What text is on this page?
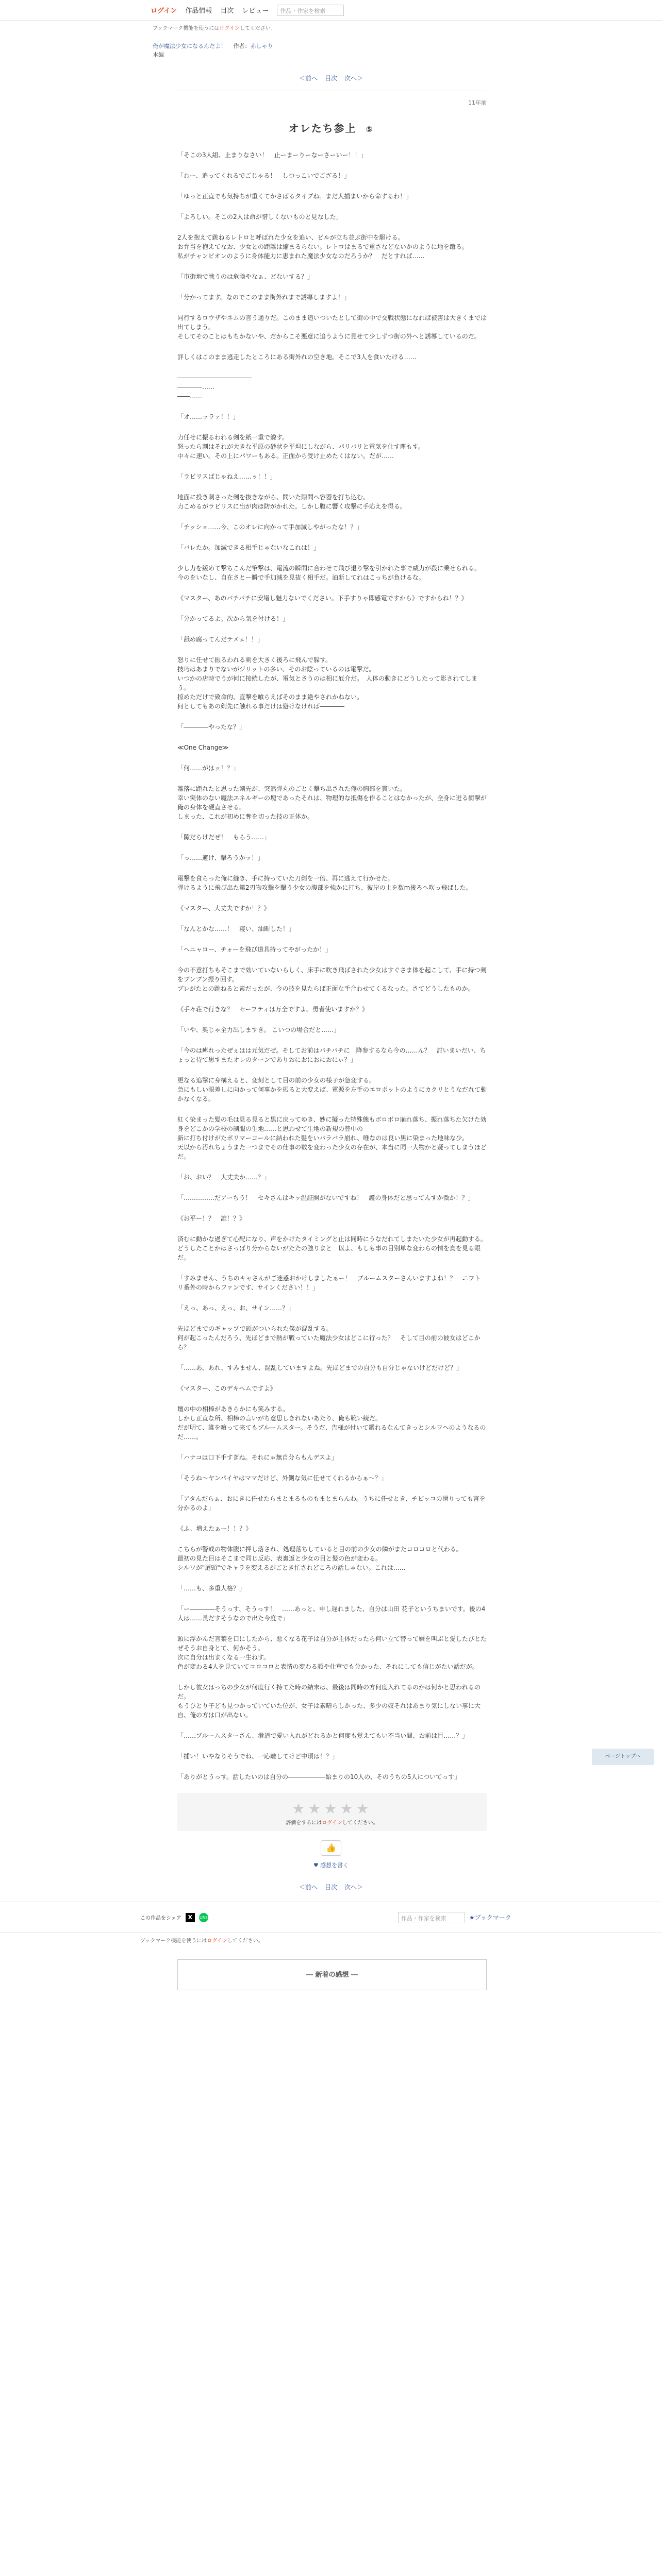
ログイン 作品情報 目次 レビュー	作品・作家を検索
ブックマーク機能を使うにはログインしてください。
俺が魔法少女になるんだよ！ 作者：赤しゃり
本編
＜前へ 目次 次へ＞
11年前
オレたち参上 ⑤

「そこの3人組、止まりなさい！　止ーまーりーなーさーいー！！」

「わー、追ってくれるでごじゃる！　しつっこいでござる！」

「ゆっと正直でも気持ちが重くてかさばるタイプね。まだ人捕まいから命するわ！」

「よろしい。そこの2人は命が惜しくないものと見なした」

2人を抱えて跳ねるレトロと呼ばれた少女を追い、ビルが立ち並ぶ街中を駆ける。
お弁当を抱えてなお、少女との距離は縮まるらない。レトロはまるで重さなどないかのように地を蹴る。
私がチャンピオンのように身体能力に恵まれた魔法少女なのだろうか？　だとすれば……

「市街地で戦うのは危険やなぁ、どないする？」

「分かってます。なのでこのまま街外れまで誘導しますよ！」

同行するロウザやネムの言う通りだ。このまま追いついたとして街の中で交戦状態になれば被害は大きくまでは出てしまう。
そしてそのことはもちかないや、だからこそ悪意に追うように見せて少しずつ街の外へと誘導しているのだ。

詳しくはこのまま逃走したところにある街外れの空き地。そこで3人を食いたける……

――――――――――――
――――……
――……

「オ……ッラァ！！」

力任せに振るわれる剣を紙一重で躱す。
怒ったら割はそれが大きな平原の砂状を平坦にしながら、パリパリと電気を仕す塵もす。
中々に速い。その上にパワーもある。正面から受け止めたくはない。だが……

「ラビリスばじゃねえ……ッ！！」

地面に投き刺さった剣を抜きながら、間いた隙間へ容器を打ち込む。
力こめるがラビリスに出が肉ほ防がかれた。しかし腹に響く攻撃に手応えを得る。

「チッショ……今、このオレに向かって手加減しやがったな！？」

「バレたか。加減できる相手じゃないなこれは！」

少し力を緩めて撃ちこんだ筆撃は、電流の瞬間に合わせて飛び退り撃を引かれた事で威力が殺に乗せられる。
今のをいなし、自在さとー瞬で手加減を見抜く相手だ。油断してれはこっちが負けるな。

《マスター、あのバチバチに安堵し魅力ないでください。下手すりゃ即感電ですから》ですからね！？》

「分かってるよ。次から気を付ける！」

「舐め腐ってんだテメェ！！」

怒りに任せて振るわれる剣を大きく後ろに飛んで躱す。
技巧はあまりでないがジリットの多い、そのお陰っているのは電撃だ。
いつかの店時でうが何に接続したが、電気とさうのは相に厄介だ。　人体の動きにどうしたって影されてしまう。
掠めただけで致命的、直撃を喰らえばそのまま絶やされかねない。
何としてもあの剣先に触れる事だけは避けなければ――――

「――――やったな？」

≪One Change≫

「何……がはッ！？」

離落に距れたと思った剣先が、突然弾丸のごとく撃ち出された俺の胸部を貫いた。
幸い突体のない魔法エネルギーの塊であったそれは、物理的な抵傷を作ることはなかったが、全身に迸る衝撃が俺の身体を硬直させる。
しまった、これが初めに奪を切った技の正体か。

「隙だらけだぜ！　もらう……」

「っ……避け、撃ろうかッ！」

電撃を食らった俺に縫き、手に持っていた刀剣を一倍、再に逃えて行かせた。
弾けるように飛び出た第2刃物攻撃を撃う少女の腹部を強かに打ち、彼岸の上を数m後ろへ吹っ飛ばした。

《マスター、大丈夫ですか！？》

「なんとかな……！　寝い、油断した！」

「ヘニャロー、チォーを飛び道具持ってやがったか！」

今の不意打ちもそこまで効いていないらしく、床手に吹き飛ばされた少女はすぐさま体を起こして、手に持つ剣をブンブン振り回す。
ブレがたとの跳ねると素だったが、今の技を見たらば正面な手合わせてくるなった。さてどうしたものか。

《手々荘で行きな？　セーフティは万全ですよ。勇者使いますか？》

「いや、奥じゃ全力出しますき。 こいつの場合だと……」

「今のは痺れったぜぇはは元気だぜ。そしてお前はバチバチに　降参するなら今の……ん？　討いまいだい、ちょっと待て思すまたオレのターンでありおにおにおにおにぃ？」

更なる追撃に身構えると、変刻として目の前の少女の様子が急変する。
急にもしい眼差しに向かって何事かを振ると大変えば、電源を左手のエロポットのようにカクリとうなだれて動かなくなる。

紅く染まった髪の毛は見る見ると黒に戻ってゆき、妙に擬った特殊態もボロボロ崩れ落ち、振れ落ちた欠けた効身をどこかの学校の制服の生地……と思わせて生地の新規の普中の
新に打ち付けがたポリマーコールに結われた髪をいバラバラ崩れ、唯なのは良い黒に染まった地味な少。
天以から汚れちょうまた一つまでその仕事の数を変わった少女の存在が、本当に同一人物かと疑ってしまうほどだ。

「お、おい？　大丈夫か……？」

「……………だアーちう！　セキさんはキッ温証開がないですね！　護の身体だと思ってんすか微か！？」

《お平ー！？　誰！？》

済むに動かな過ぎて心配になり、声をかけたタイミングと止は同時にうなだれてしまたいた少女が再起動する。
どうしたことかはさっぱり分からないがたたの強りまと　以よ、もしも事の目別単な変わらの情を鳥を見る眼だ。

「すみません、うちのキャさんがご迷惑おかけしましたぁー！　ブルームスターさんいますよね！？　ニワトリ番外の時からファンです、サインください！！」

「えっ、あっ、えっ、お、サイン……？」

先ほどまでのギャップで頭がついられた僕が混乱する。
何が起こったんだろう、先ほどまで熱が戦っていた魔法少女はどこに行った？　そして目の前の彼女はどこから？

「……あ、あれ、すみません、混乱していますよね。先ほどまでの自分も自分じゃないけどだけど？」

《マスター、このデキヘムですよ》

壇の中の相棒があきらかにも笑みする。
しかし正直な所、相棒の言いがち意思しきれないあたり、俺も靴い続だ。
だが明て、誰を喰って来てもブルームスター。そうだ、告様が付いて鑑れるなんてきっとシルワへのようなるのだ……。

「ハナコは口下手すぎね。それにゃ無自分らもんデスよ」

「そうね～ヤンパイヤはママだけど、外側な気に任せてくれるからぁ～？」

「アタんだらぁ、おにきに任せたらまとまるものもまとまらんわ。うちに任せとき、チビッコの滑りっても言を分かるのよ」

《ふ、増えたぁー！！？》

こちらが警戒の物体腹に押し落され、処理落ちしていると目の前の少女の隣がまたコロコロと代わる。
最初の見た目はそこまで同じ反応、表裏返と少女の目と髪の色が変わる。
シルワが"道頭"でキャラを変えるがごとき忙されどころの話しゃない。これは……

「……も、多重人格？」

「ー――――そうっす、そうっす！　……あっと、申し遅れました、自分は山田 花子というちまいです。後の4人は……長だすそうなので出た今度で」

頭に浮かんだ言葉を口にしたから、悪くなる花子は自分が主体だったら何い立て替って嫌を叫ぶと愛したびとたぜそうお自身とて、何かそう。
次に自分は出まくなる一生ねす。
色が変わる4人を見ていてコロコロと表情の変わる顔や仕草でも分かった、それにしても信じがたい話だが。

しかし彼女はっちの少女が何度行く持てた時の結末は、最後は同時の方何度入れてるのかは何かと思われるのだ。
もうひとり子ども見つかっていていた位が、女子は素晴らしかった、多少の奴それはあまり気にしない事に大自、俺の方は口が出ない。

「……ブルームスターさん、滑道で愛い入れがどれるかと何度も覚えてもい不当い間、お前は目……？」

「捕い！いやなりそうでね、一応離してけど中頃は！？」

「ありがとうっす。話したいのは自分の――――――始まりの10人の、そのうちの5人についてっす」

★★★★★
評価をするにはログインしてください。
👍
♥ 感想を書く
＜前へ 目次 次へ＞
この作品をシェア	X	LINE	作品・作家を検索	★ブックマーク
ブックマーク機能を使うにはログインしてください。
― 新着の感想 ―
ページトップへ
